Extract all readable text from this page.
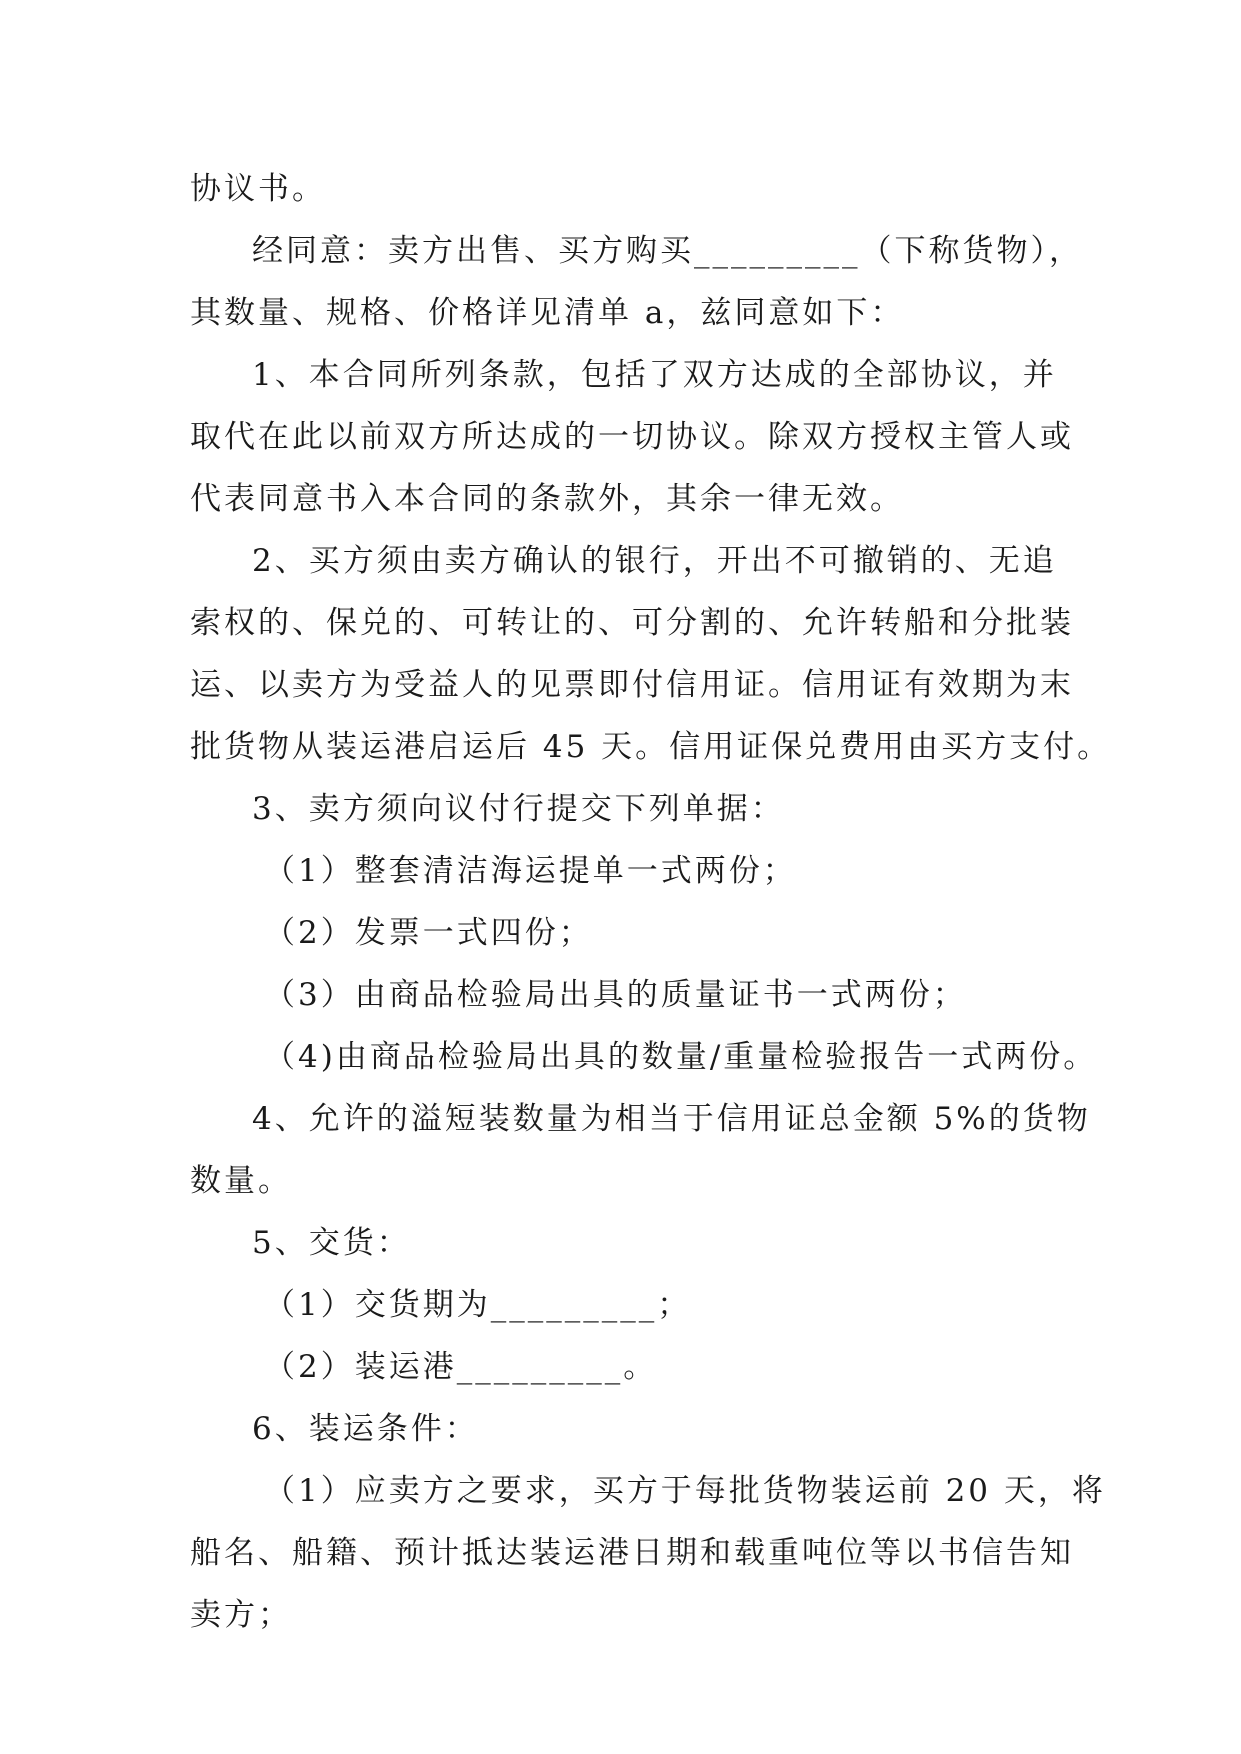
协议书。
经同意：卖方出售、买方购买_________（下称货物），
其数量、规格、价格详见清单 a，兹同意如下：
1、本合同所列条款，包括了双方达成的全部协议，并
取代在此以前双方所达成的一切协议。除双方授权主管人或
代表同意书入本合同的条款外，其余一律无效。
2、买方须由卖方确认的银行，开出不可撤销的、无追
索权的、保兑的、可转让的、可分割的、允许转船和分批装
运、以卖方为受益人的见票即付信用证。信用证有效期为末
批货物从装运港启运后 45 天。信用证保兑费用由买方支付。
3、卖方须向议付行提交下列单据：
（1）整套清洁海运提单一式两份；
（2）发票一式四份；
（3）由商品检验局出具的质量证书一式两份；
（4)由商品检验局出具的数量/重量检验报告一式两份。
4、允许的溢短装数量为相当于信用证总金额 5%的货物
数量。
5、交货：
（1）交货期为_________；
（2）装运港_________。
6、装运条件：
（1）应卖方之要求，买方于每批货物装运前 20 天，将
船名、船籍、预计抵达装运港日期和载重吨位等以书信告知
卖方；
